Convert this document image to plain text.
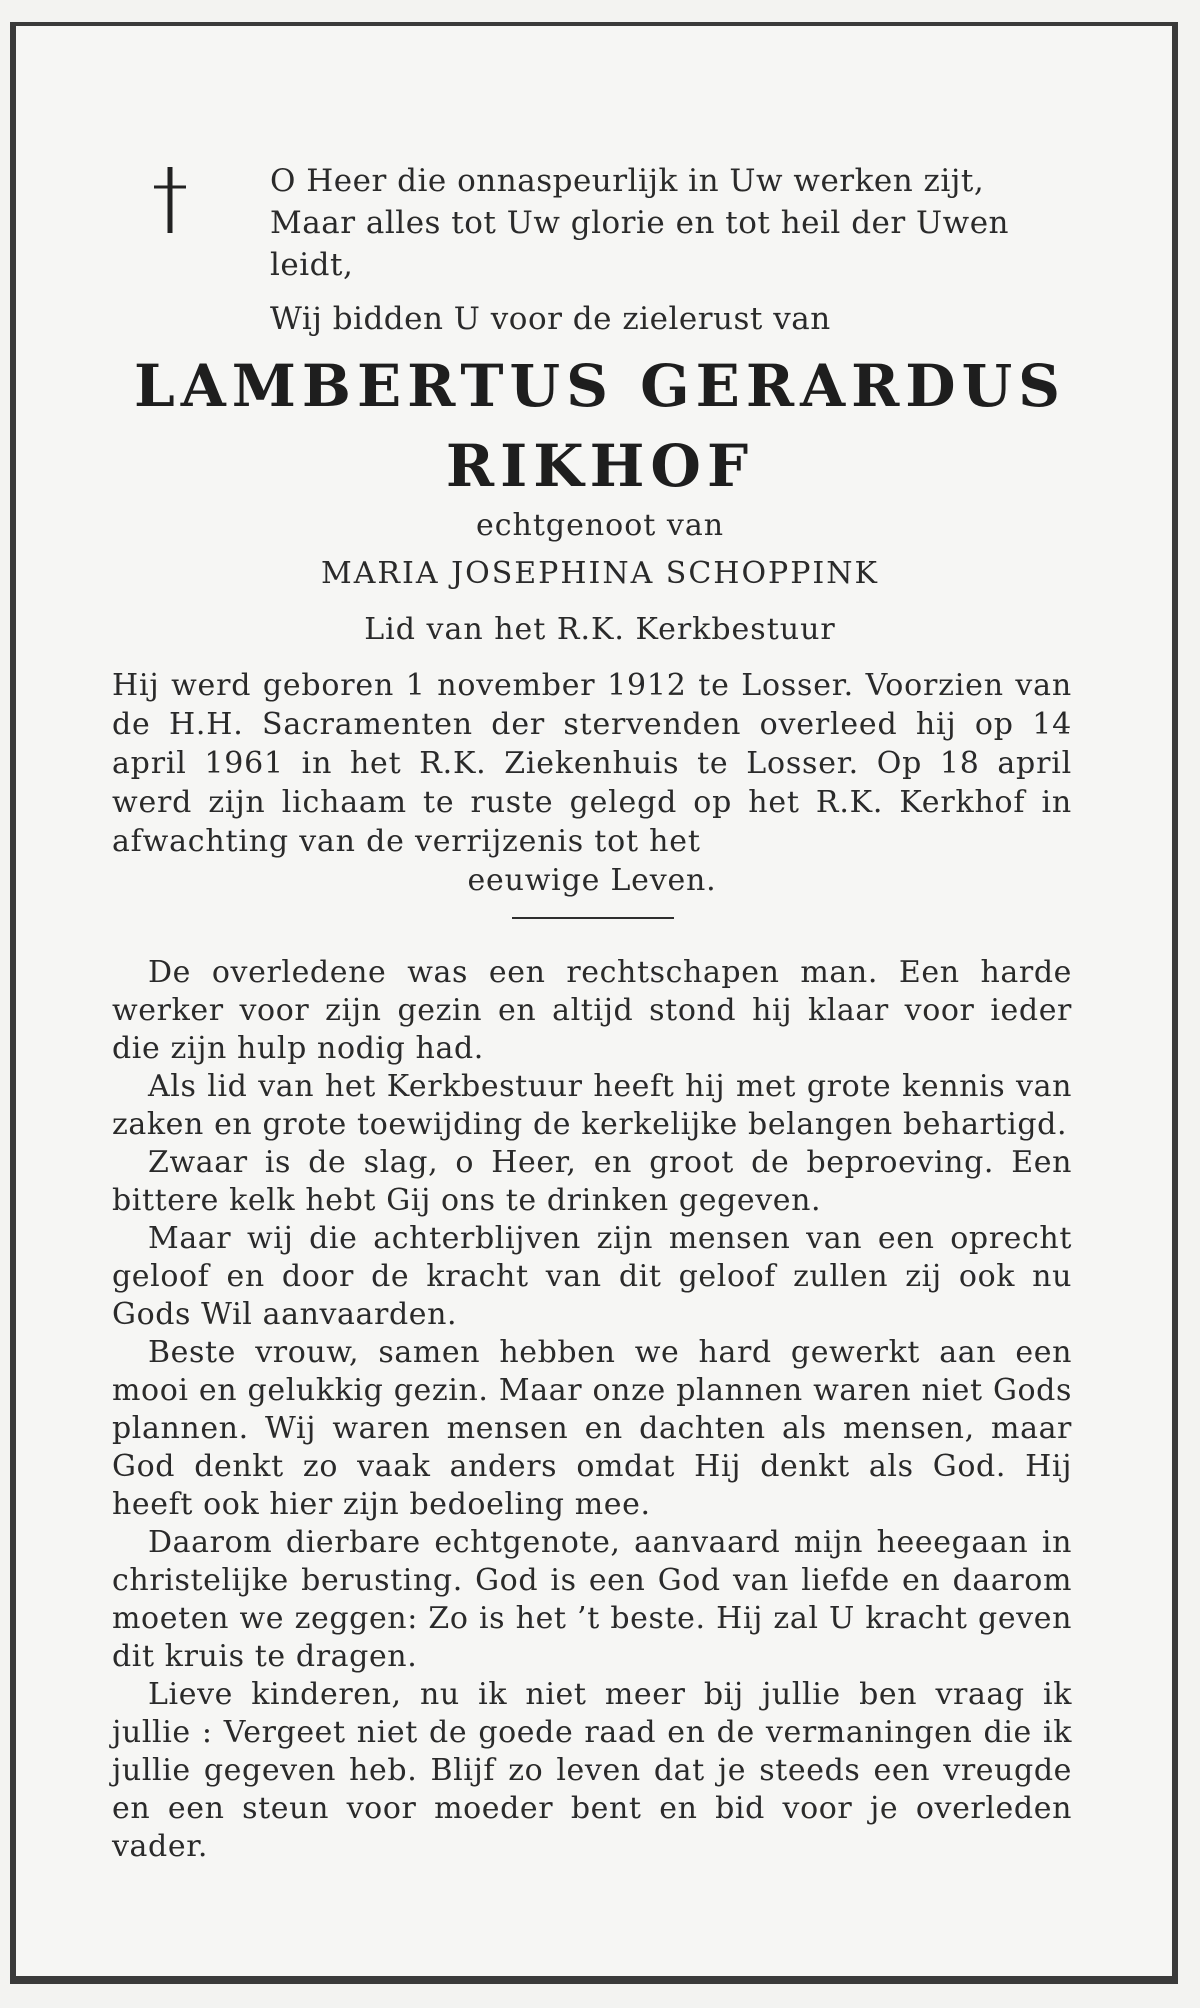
O Heer die onnaspeurlijk in Uw werken zijt,

Maar alles tot Uw glorie en tot heil der Uwen leidt,

Wij bidden U voor de zielerust van

LAMBERTUS GERARDUS
RIKHOF
echtgenoot van
MARIA JOSEPHINA SCHOPPINK
Lid van het R.K. Kerkbestuur
Hij werd geboren 1 november 1912 te Losser. Voorzien van de H.H. Sacramenten der stervenden overleed hij op 14 april 1961 in het R.K. Ziekenhuis te Losser. Op 18 april werd zijn lichaam te ruste gelegd op het R.K. Kerkhof in afwachting van de verrijzenis tot het
eeuwige Leven.

De overledene was een rechtschapen man. Een harde werker voor zijn gezin en altijd stond hij klaar voor ieder die zijn hulp nodig had.

Als lid van het Kerkbestuur heeft hij met grote kennis van zaken en grote toewijding de kerkelijke belangen behartigd.

Zwaar is de slag, o Heer, en groot de beproeving. Een bittere kelk hebt Gij ons te drinken gegeven.

Maar wij die achterblijven zijn mensen van een oprecht geloof en door de kracht van dit geloof zullen zij ook nu Gods Wil aanvaarden.

Beste vrouw, samen hebben we hard gewerkt aan een mooi en gelukkig gezin. Maar onze plannen waren niet Gods plannen. Wij waren mensen en dachten als mensen, maar God denkt zo vaak anders omdat Hij denkt als God. Hij heeft ook hier zijn bedoeling mee.

Daarom dierbare echtgenote, aanvaard mijn heeegaan in christelijke berusting. God is een God van liefde en daarom moeten we zeggen: Zo is het ’t beste. Hij zal U kracht geven dit kruis te dragen.

Lieve kinderen, nu ik niet meer bij jullie ben vraag ik jullie : Vergeet niet de goede raad en de vermaningen die ik jullie gegeven heb. Blijf zo leven dat je steeds een vreugde en een steun voor moeder bent en bid voor je overleden vader.
